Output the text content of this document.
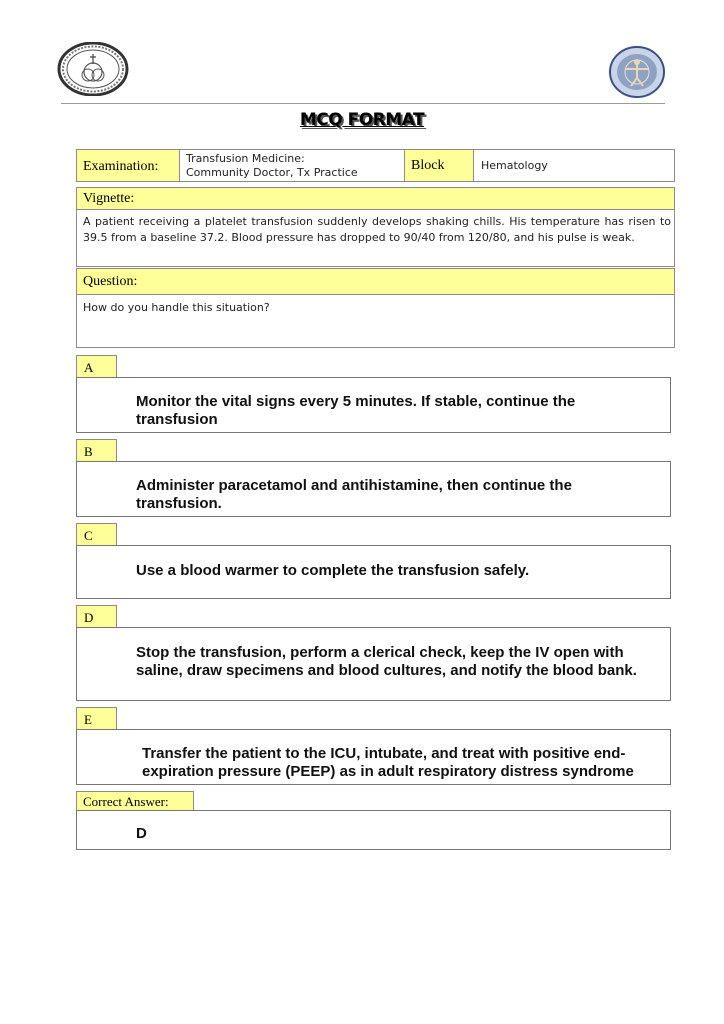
MCQ FORMAT
Examination:
Transfusion Medicine:
Community Doctor, Tx Practice	Block	Hematology
Vignette:
A patient receiving a platelet transfusion suddenly develops shaking chills. His temperature has risen to 39.5 from a baseline 37.2. Blood pressure has dropped to 90/40 from 120/80, and his pulse is weak.
Question:
How do you handle this situation?
A
Monitor the vital signs every 5 minutes. If stable, continue the transfusion
B
Administer paracetamol and antihistamine, then continue the transfusion.
C
Use a blood warmer to complete the transfusion safely.
D
Stop the transfusion, perform a clerical check, keep the IV open with saline, draw specimens and blood cultures, and notify the blood bank.
E
Transfer the patient to the ICU, intubate, and treat with positive end-expiration pressure (PEEP) as in adult respiratory distress syndrome
Correct Answer:
D
